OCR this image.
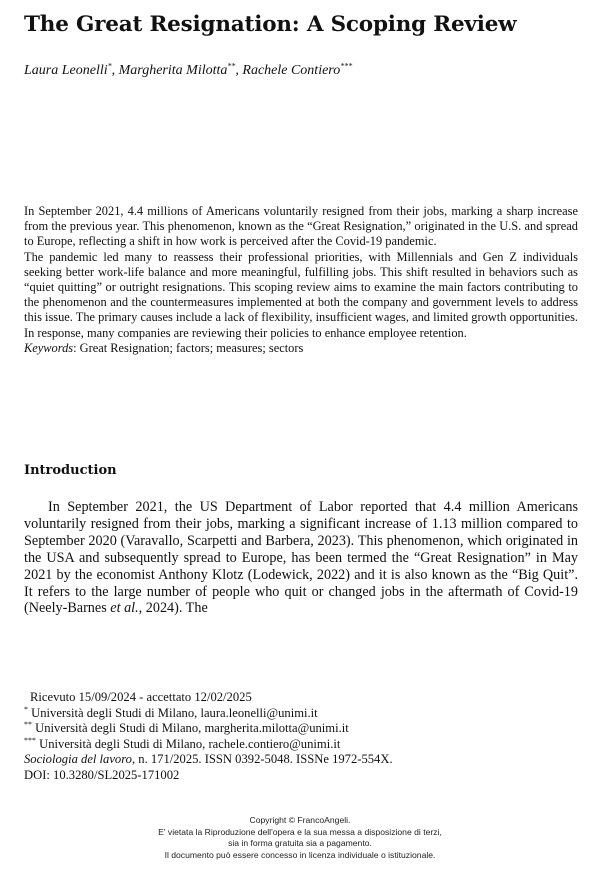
The Great Resignation: A Scoping Review
Laura Leonelli*, Margherita Milotta**, Rachele Contiero***

In September 2021, 4.4 millions of Americans voluntarily resigned from their jobs, marking a sharp increase from the previous year. This phenomenon, known as the “Great Resignation,” originated in the U.S. and spread to Europe, reflecting a shift in how work is perceived after the Covid-19 pandemic.

The pandemic led many to reassess their professional priorities, with Millennials and Gen Z individuals seeking better work-life balance and more meaningful, fulfilling jobs. This shift resulted in behaviors such as “quiet quitting” or outright resignations. This scoping review aims to examine the main factors contributing to the phenomenon and the countermeasures implemented at both the company and government levels to address this issue. The primary causes include a lack of flexibility, insufficient wages, and limited growth opportunities. In response, many companies are reviewing their policies to enhance employee retention.

Keywords: Great Resignation; factors; measures; sectors

Introduction

In September 2021, the US Department of Labor reported that 4.4 million Americans voluntarily resigned from their jobs, marking a significant increase of 1.13 million compared to September 2020 (Varavallo, Scarpetti and Barbera, 2023). This phenomenon, which originated in the USA and subsequently spread to Europe, has been termed the “Great Resignation” in May 2021 by the economist Anthony Klotz (Lodewick, 2022) and it is also known as the “Big Quit”. It refers to the large number of people who quit or changed jobs in the aftermath of Covid-19 (Neely-Barnes et al., 2024). The

Ricevuto 15/09/2024 - accettato 12/02/2025
* Università degli Studi di Milano, laura.leonelli@unimi.it
** Università degli Studi di Milano, margherita.milotta@unimi.it
*** Università degli Studi di Milano, rachele.contiero@unimi.it
Sociologia del lavoro, n. 171/2025. ISSN 0392-5048. ISSNe 1972-554X.
DOI: 10.3280/SL2025-171002
Copyright © FrancoAngeli.
E' vietata la Riproduzione dell'opera e la sua messa a disposizione di terzi,
sia in forma gratuita sia a pagamento.
Il documento può essere concesso in licenza individuale o istituzionale.
